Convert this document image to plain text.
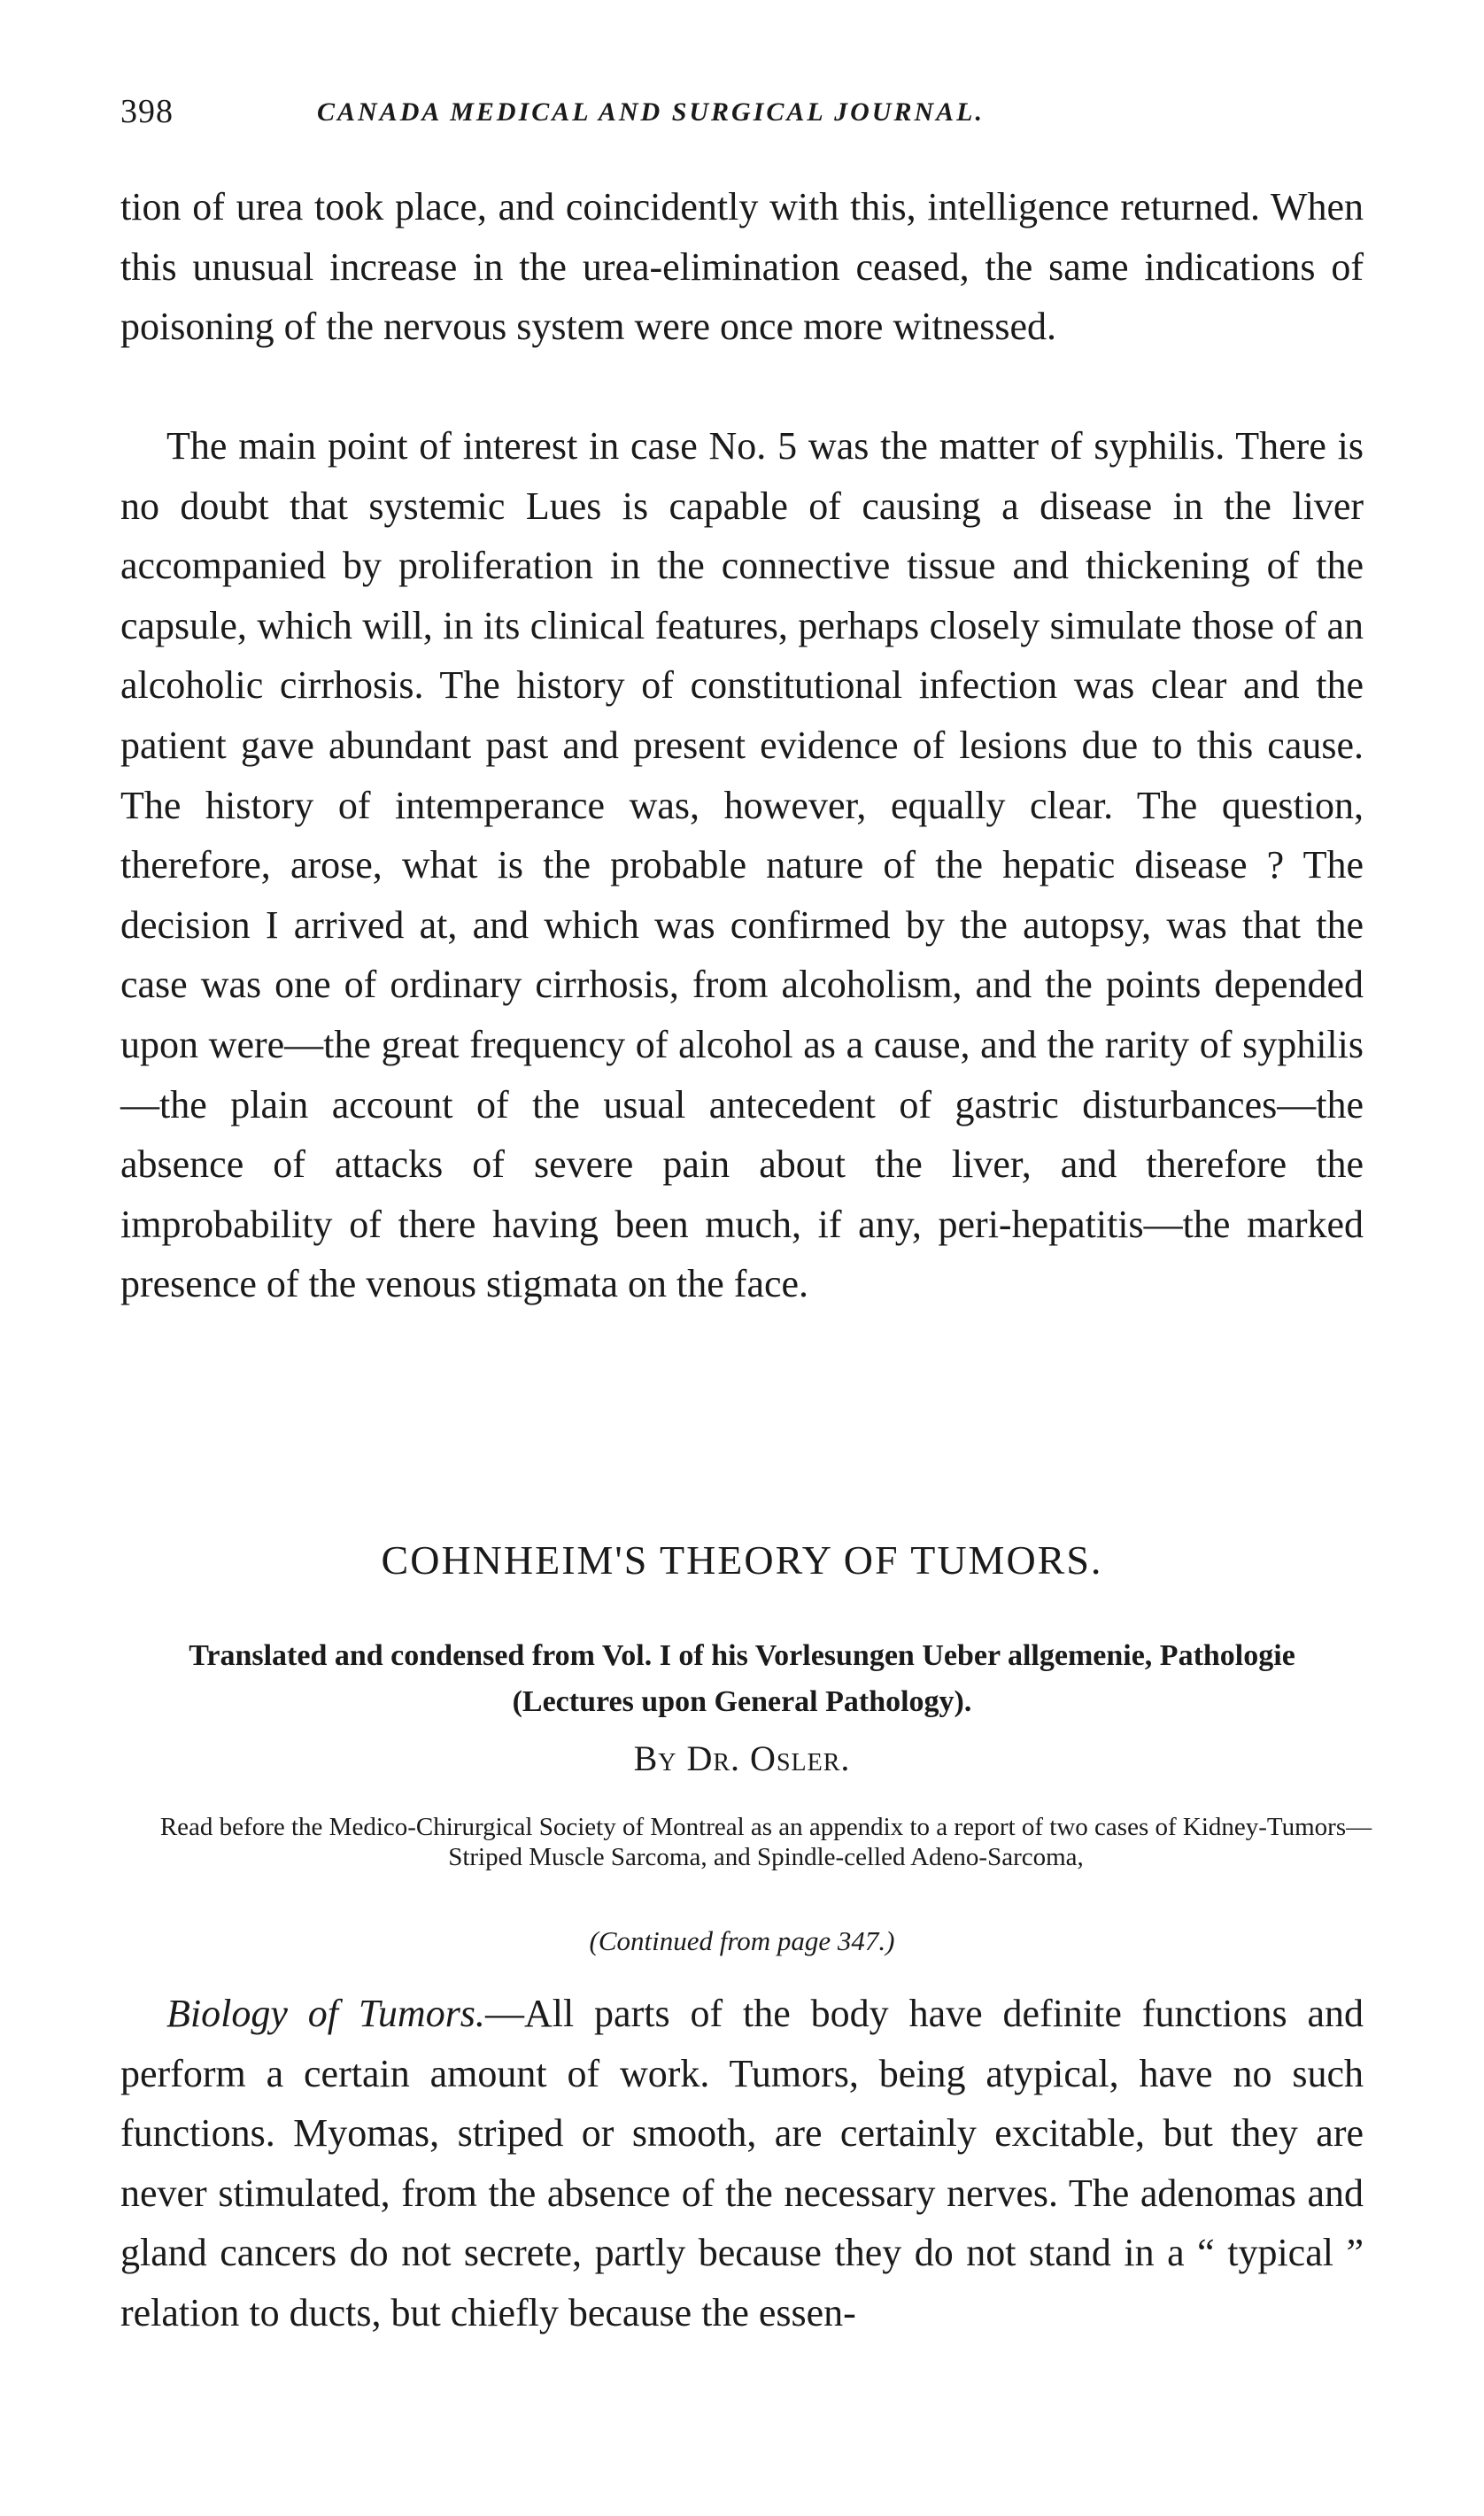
398	CANADA MEDICAL AND SURGICAL JOURNAL.

tion of urea took place, and coincidently with this, intelligence returned. When this unusual increase in the urea-elimination ceased, the same indications of poisoning of the nervous system were once more witnessed.

The main point of interest in case No. 5 was the matter of syphilis. There is no doubt that systemic Lues is capable of causing a disease in the liver accompanied by proliferation in the connective tissue and thickening of the capsule, which will, in its clinical features, perhaps closely simulate those of an alcoholic cirrhosis. The history of constitutional infection was clear and the patient gave abundant past and present evidence of lesions due to this cause. The history of intemperance was, however, equally clear. The question, therefore, arose, what is the probable nature of the hepatic disease ? The decision I arrived at, and which was confirmed by the autopsy, was that the case was one of ordinary cirrhosis, from alcoholism, and the points depended upon were—the great frequency of alcohol as a cause, and the rarity of syphilis—the plain account of the usual antecedent of gastric disturbances—the absence of attacks of severe pain about the liver, and therefore the improbability of there having been much, if any, peri-hepatitis—the marked presence of the venous stigmata on the face.

COHNHEIM'S THEORY OF TUMORS.
Translated and condensed from Vol. I of his Vorlesungen Ueber allgemenie, Pathologie (Lectures upon General Pathology).
By Dr. Osler.
Read before the Medico-Chirurgical Society of Montreal as an appendix to a report of two cases of Kidney-Tumors—Striped Muscle Sarcoma, and Spindle-celled Adeno-Sarcoma,
(Continued from page 347.)

Biology of Tumors.—All parts of the body have definite functions and perform a certain amount of work. Tumors, being atypical, have no such functions. Myomas, striped or smooth, are certainly excitable, but they are never stimulated, from the absence of the necessary nerves. The adenomas and gland cancers do not secrete, partly because they do not stand in a “ typical ” relation to ducts, but chiefly because the essen-
